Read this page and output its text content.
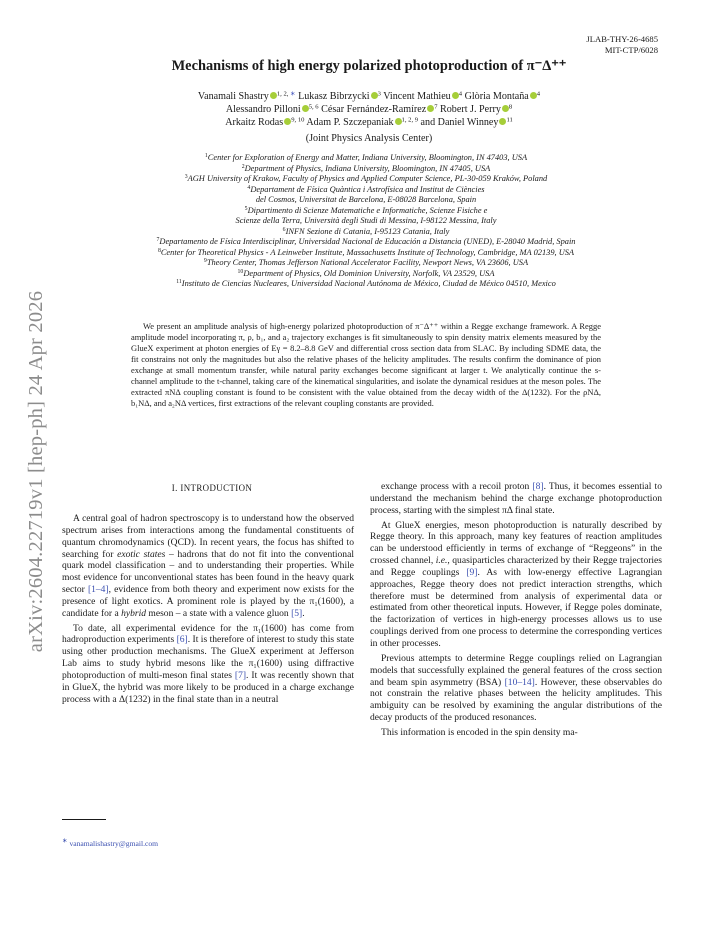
arXiv:2604.22719v1 [hep-ph] 24 Apr 2026
JLAB-THY-26-4685
MIT-CTP/6028
Mechanisms of high energy polarized photoproduction of π⁻Δ⁺⁺
Vanamali Shastry $^{1, 2,}$ ∗ Lukasz Bibrzycki $^3$ Vincent Mathieu $^4$ Glòria Montaña $^4$
Alessandro Pilloni $^{5, 6}$ César Fernández-Ramírez $^7$ Robert J. Perry $^8$
Arkaitz Rodas $^{9, 10}$ Adam P. Szczepaniak $^{1, 2, 9}$ and Daniel Winney $^{11}$
(Joint Physics Analysis Center)
$^1$Center for Exploration of Energy and Matter, Indiana University, Bloomington, IN 47403, USA
$^2$Department of Physics, Indiana University, Bloomington, IN 47405, USA
$^3$AGH University of Krakow, Faculty of Physics and Applied Computer Science, PL-30-059 Kraków, Poland
$^4$Departament de Física Quàntica i Astrofísica and Institut de Ciències
del Cosmos, Universitat de Barcelona, E-08028 Barcelona, Spain
$^5$Dipartimento di Scienze Matematiche e Informatiche, Scienze Fisiche e
Scienze della Terra, Università degli Studi di Messina, I-98122 Messina, Italy
$^6$INFN Sezione di Catania, I-95123 Catania, Italy
$^7$Departamento de Física Interdisciplinar, Universidad Nacional de Educación a Distancia (UNED), E-28040 Madrid, Spain
$^8$Center for Theoretical Physics - A Leinweber Institute, Massachusetts Institute of Technology, Cambridge, MA 02139, USA
$^9$Theory Center, Thomas Jefferson National Accelerator Facility, Newport News, VA 23606, USA
$^{10}$Department of Physics, Old Dominion University, Norfolk, VA 23529, USA
$^{11}$Instituto de Ciencias Nucleares, Universidad Nacional Autónoma de México, Ciudad de México 04510, Mexico
We present an amplitude analysis of high-energy polarized photoproduction of π⁻Δ⁺⁺ within a Regge exchange framework. A Regge amplitude model incorporating π, ρ, b₁, and a₂ trajectory exchanges is fit simultaneously to spin density matrix elements measured by the GlueX experiment at photon energies of Eγ = 8.2–8.8 GeV and differential cross section data from SLAC. By including SDME data, the fit constrains not only the magnitudes but also the relative phases of the helicity amplitudes. The results confirm the dominance of pion exchange at small momentum transfer, while natural parity exchanges become significant at larger t. We analytically continue the s-channel amplitude to the t-channel, taking care of the kinematical singularities, and isolate the dynamical residues at the meson poles. The extracted πNΔ coupling constant is found to be consistent with the value obtained from the decay width of the Δ(1232). For the ρNΔ, b₁NΔ, and a₂NΔ vertices, first extractions of the relevant coupling constants are provided.
I. INTRODUCTION

A central goal of hadron spectroscopy is to understand how the observed spectrum arises from interactions among the fundamental constituents of quantum chromodynamics (QCD). In recent years, the focus has shifted to searching for exotic states – hadrons that do not fit into the conventional quark model classification – and to understanding their properties. While most evidence for unconventional states has been found in the heavy quark sector [1–4], evidence from both theory and experiment now exists for the presence of light exotics. A prominent role is played by the π₁(1600), a candidate for a hybrid meson – a state with a valence gluon [5].

To date, all experimental evidence for the π₁(1600) has come from hadroproduction experiments [6]. It is therefore of interest to study this state using other production mechanisms. The GlueX experiment at Jefferson Lab aims to study hybrid mesons like the π₁(1600) using diffractive photoproduction of multi-meson final states [7]. It was recently shown that in GlueX, the hybrid was more likely to be produced in a charge exchange process with a Δ(1232) in the final state than in a neutral

exchange process with a recoil proton [8]. Thus, it becomes essential to understand the mechanism behind the charge exchange photoproduction process, starting with the simplest πΔ final state.

At GlueX energies, meson photoproduction is naturally described by Regge theory. In this approach, many key features of reaction amplitudes can be understood efficiently in terms of exchange of “Reggeons” in the crossed channel, i.e., quasiparticles characterized by their Regge trajectories and Regge couplings [9]. As with low-energy effective Lagrangian approaches, Regge theory does not predict interaction strengths, which therefore must be determined from analysis of experimental data or estimated from other theoretical inputs. However, if Regge poles dominate, the factorization of vertices in high-energy processes allows us to use couplings derived from one process to determine the corresponding vertices in other processes.

Previous attempts to determine Regge couplings relied on Lagrangian models that successfully explained the general features of the cross section and beam spin asymmetry (BSA) [10–14]. However, these observables do not constrain the relative phases between the helicity amplitudes. This ambiguity can be resolved by examining the angular distributions of the decay products of the produced resonances.

This information is encoded in the spin density ma-

∗ vanamalishastry@gmail.com
